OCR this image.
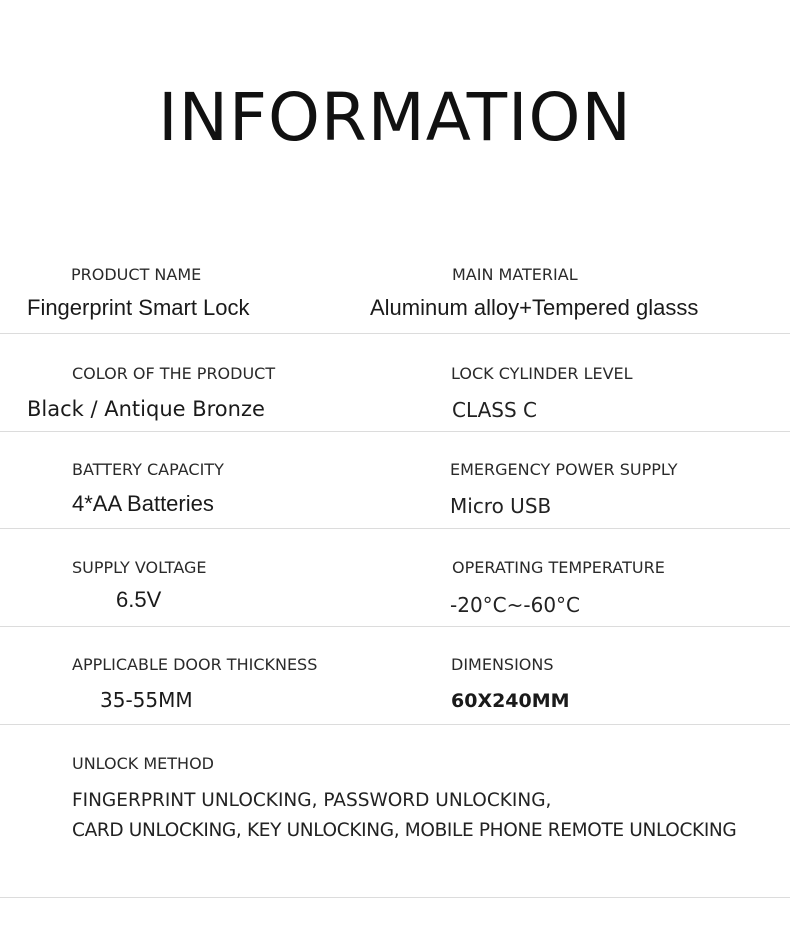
INFORMATION
PRODUCT NAME
Fingerprint Smart Lock
MAIN MATERIAL
Aluminum alloy+Tempered glasss
COLOR OF THE PRODUCT
Black / Antique Bronze
LOCK CYLINDER LEVEL
CLASS C
BATTERY CAPACITY
4*AA Batteries
EMERGENCY POWER SUPPLY
Micro USB
SUPPLY VOLTAGE
6.5V
OPERATING TEMPERATURE
-20°C~-60°C
APPLICABLE DOOR THICKNESS
35-55MM
DIMENSIONS
60X240MM
UNLOCK METHOD
FINGERPRINT UNLOCKING, PASSWORD UNLOCKING,
CARD UNLOCKING, KEY UNLOCKING, MOBILE PHONE REMOTE UNLOCKING
